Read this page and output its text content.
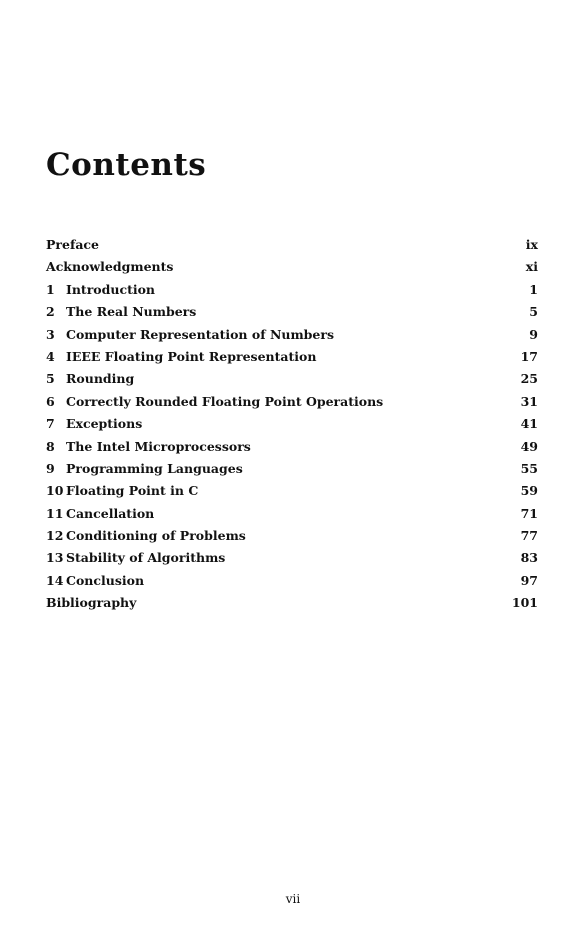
Contents
Preface	ix
Acknowledgments	xi
1 Introduction	1
2 The Real Numbers	5
3 Computer Representation of Numbers	9
4 IEEE Floating Point Representation	17
5 Rounding	25
6 Correctly Rounded Floating Point Operations	31
7 Exceptions	41
8 The Intel Microprocessors	49
9 Programming Languages	55
10 Floating Point in C	59
11 Cancellation	71
12 Conditioning of Problems	77
13 Stability of Algorithms	83
14 Conclusion	97
Bibliography	101
vii
